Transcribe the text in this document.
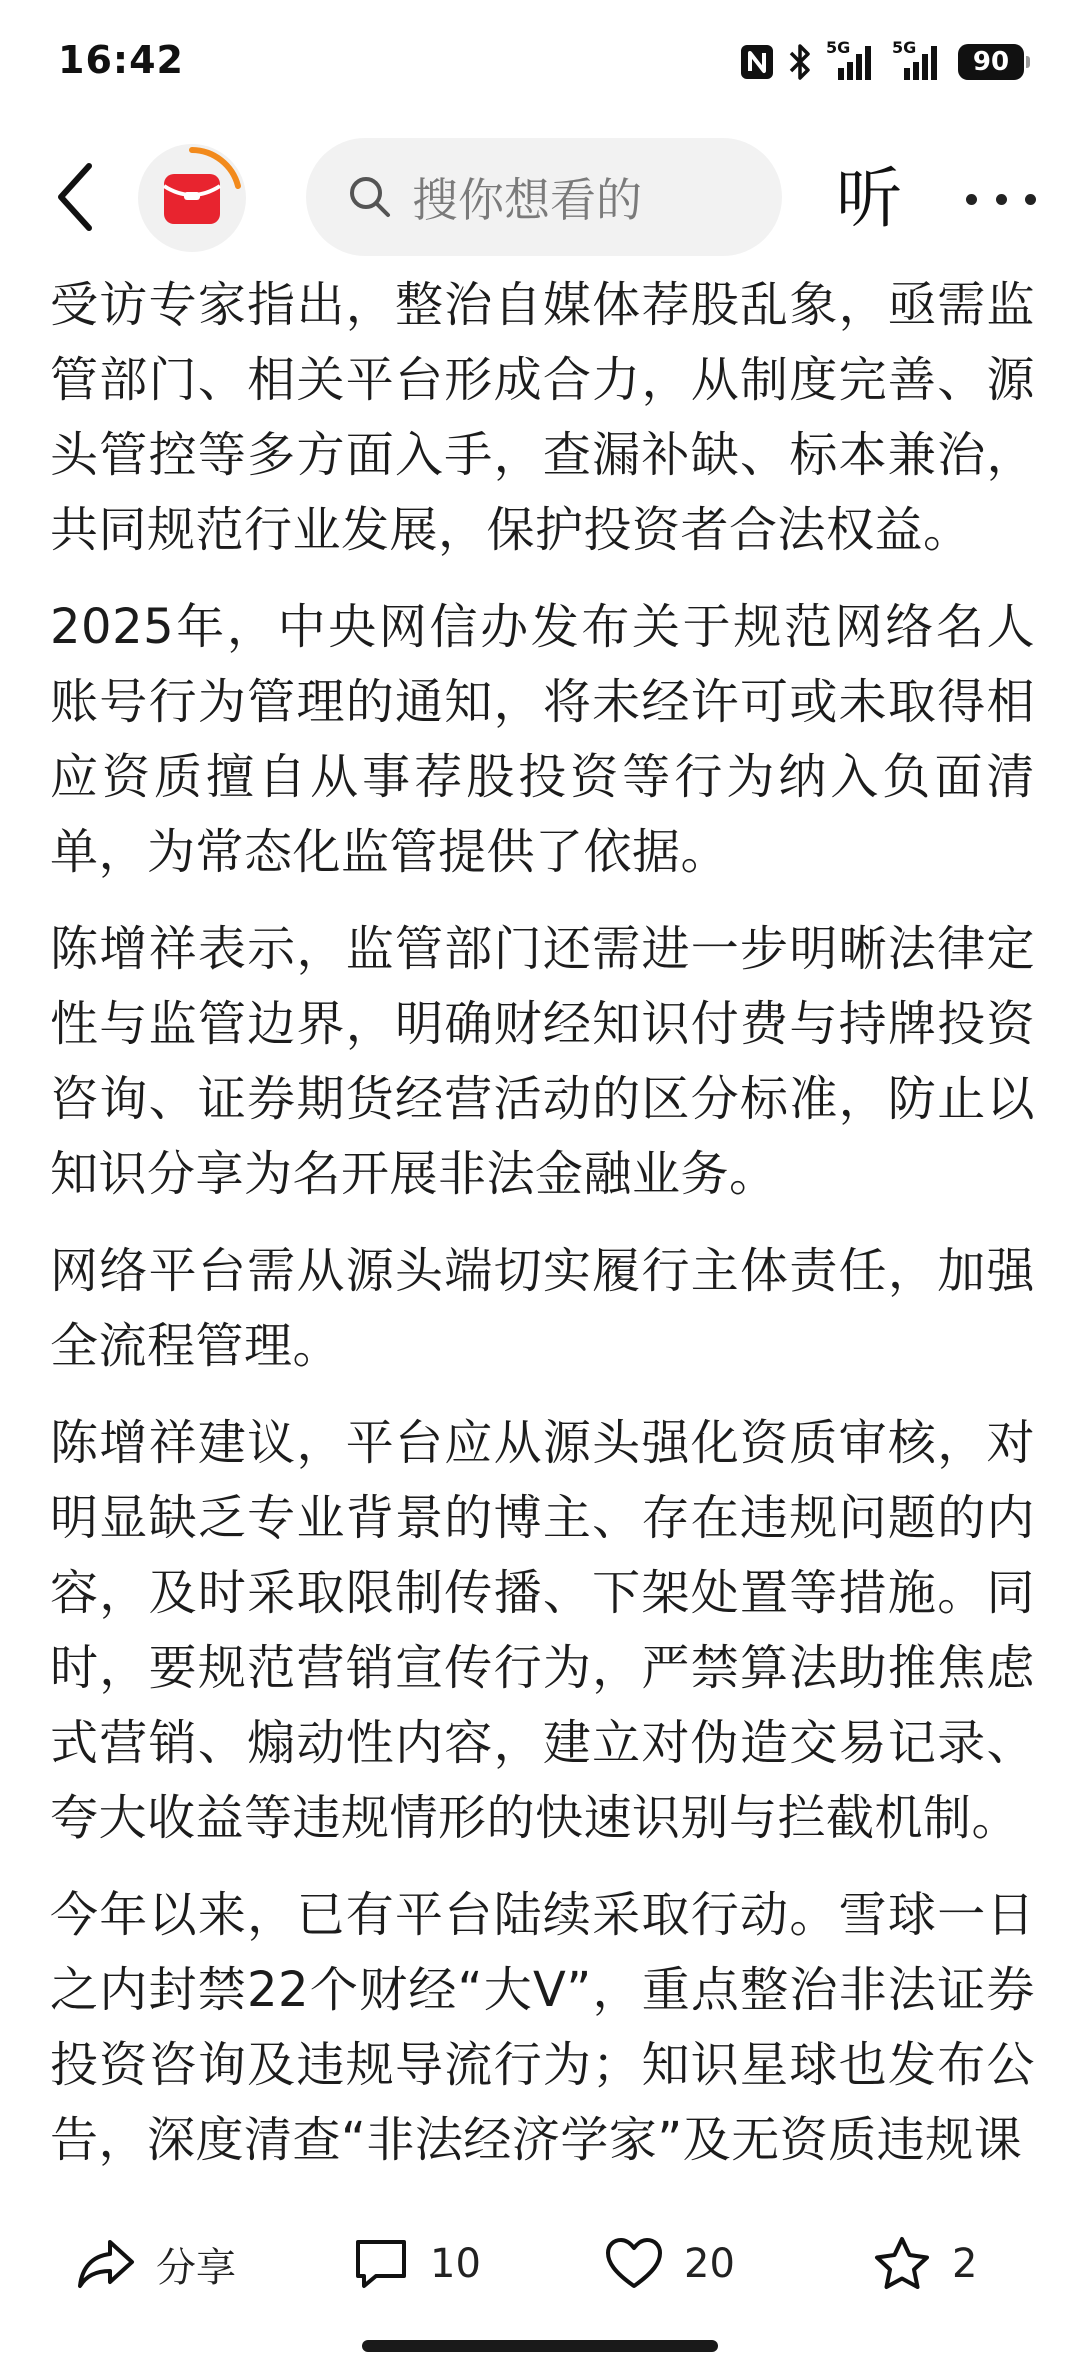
16:42	5G	5G 90
搜你想看的	听

受访专家指出，整治自媒体荐股乱象，亟需监管部门、相关平台形成合力，从制度完善、源头管控等多方面入手，查漏补缺、标本兼治，共同规范行业发展，保护投资者合法权益。

2025年，中央网信办发布关于规范网络名人账号行为管理的通知，将未经许可或未取得相应资质擅自从事荐股投资等行为纳入负面清单，为常态化监管提供了依据。

陈增祥表示，监管部门还需进一步明晰法律定性与监管边界，明确财经知识付费与持牌投资咨询、证券期货经营活动的区分标准，防止以知识分享为名开展非法金融业务。

网络平台需从源头端切实履行主体责任，加强全流程管理。

陈增祥建议，平台应从源头强化资质审核，对明显缺乏专业背景的博主、存在违规问题的内容，及时采取限制传播、下架处置等措施。同时，要规范营销宣传行为，严禁算法助推焦虑式营销、煽动性内容，建立对伪造交易记录、夸大收益等违规情形的快速识别与拦截机制。

今年以来，已有平台陆续采取行动。雪球一日之内封禁22个财经“大V”，重点整治非法证券投资咨询及违规导流行为；知识星球也发布公告，深度清查“非法经济学家”及无资质违规课

分享	10	20	2
